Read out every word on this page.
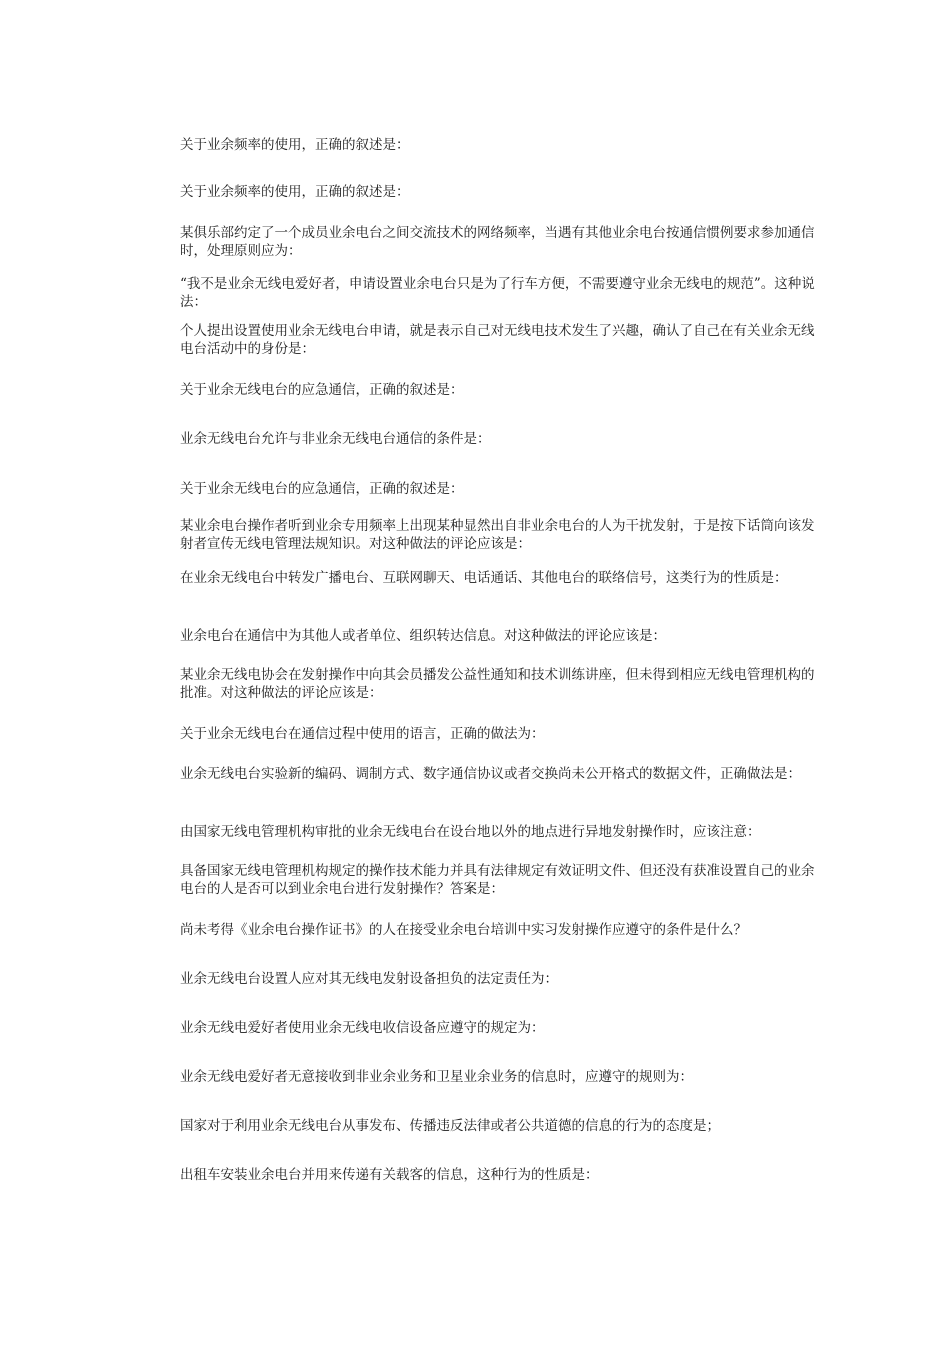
关于业余频率的使用，正确的叙述是：

关于业余频率的使用，正确的叙述是：

某俱乐部约定了一个成员业余电台之间交流技术的网络频率，当遇有其他业余电台按通信惯例要求参加通信时，处理原则应为：

“我不是业余无线电爱好者，申请设置业余电台只是为了行车方便，不需要遵守业余无线电的规范”。这种说法：

个人提出设置使用业余无线电台申请，就是表示自己对无线电技术发生了兴趣，确认了自己在有关业余无线电台活动中的身份是：

关于业余无线电台的应急通信，正确的叙述是：

业余无线电台允许与非业余无线电台通信的条件是：

关于业余无线电台的应急通信，正确的叙述是：

某业余电台操作者听到业余专用频率上出现某种显然出自非业余电台的人为干扰发射，于是按下话筒向该发射者宣传无线电管理法规知识。对这种做法的评论应该是：

在业余无线电台中转发广播电台、互联网聊天、电话通话、其他电台的联络信号，这类行为的性质是：

业余电台在通信中为其他人或者单位、组织转达信息。对这种做法的评论应该是：

某业余无线电协会在发射操作中向其会员播发公益性通知和技术训练讲座，但未得到相应无线电管理机构的批准。对这种做法的评论应该是：

关于业余无线电台在通信过程中使用的语言，正确的做法为：

业余无线电台实验新的编码、调制方式、数字通信协议或者交换尚未公开格式的数据文件，正确做法是：

由国家无线电管理机构审批的业余无线电台在设台地以外的地点进行异地发射操作时，应该注意：

具备国家无线电管理机构规定的操作技术能力并具有法律规定有效证明文件、但还没有获准设置自己的业余电台的人是否可以到业余电台进行发射操作？答案是：

尚未考得《业余电台操作证书》的人在接受业余电台培训中实习发射操作应遵守的条件是什么？

业余无线电台设置人应对其无线电发射设备担负的法定责任为：

业余无线电爱好者使用业余无线电收信设备应遵守的规定为：

业余无线电爱好者无意接收到非业余业务和卫星业余业务的信息时，应遵守的规则为：

国家对于利用业余无线电台从事发布、传播违反法律或者公共道德的信息的行为的态度是；

出租车安装业余电台并用来传递有关载客的信息，这种行为的性质是：
